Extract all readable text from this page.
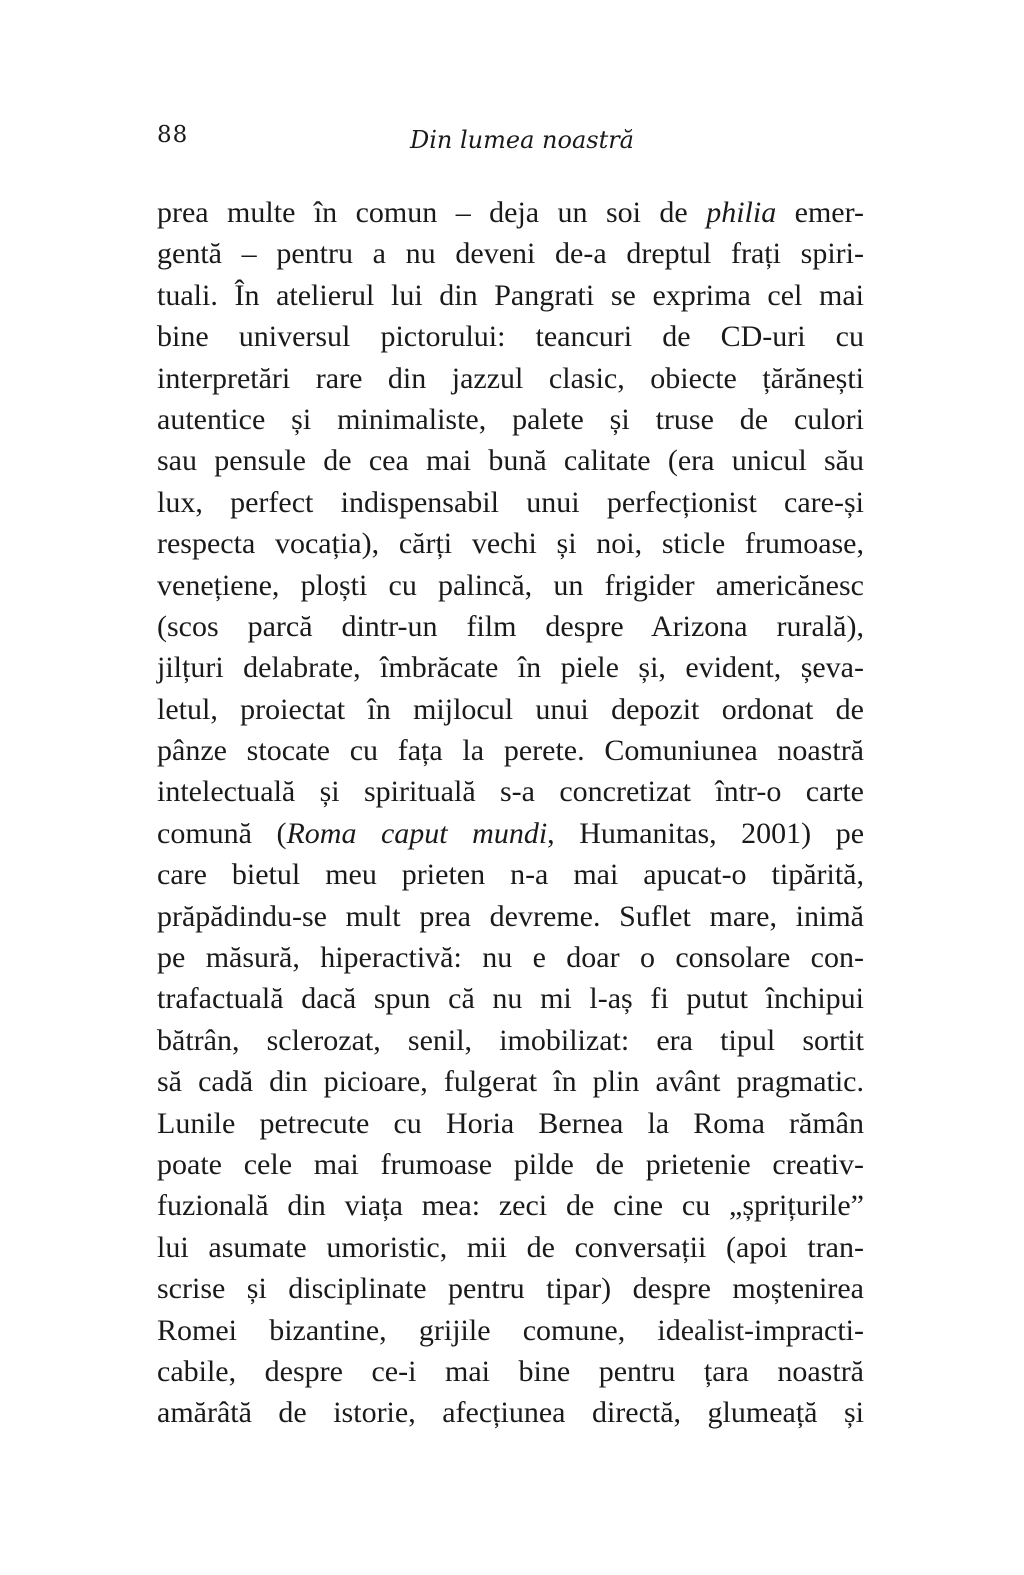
88	Din lumea noastră
prea multe în comun – deja un soi de philia emer-
gentă – pentru a nu deveni de-a dreptul frați spiri-
tuali. În atelierul lui din Pangrati se exprima cel mai
bine universul pictorului: teancuri de CD-uri cu
interpretări rare din jazzul clasic, obiecte țărănești
autentice și minimaliste, palete și truse de culori
sau pensule de cea mai bună calitate (era unicul său
lux, perfect indispensabil unui perfecționist care-și
respecta vocația), cărți vechi și noi, sticle frumoase,
venețiene, ploști cu palincă, un frigider americănesc
(scos parcă dintr-un film despre Arizona rurală),
jilțuri delabrate, îmbrăcate în piele și, evident, șeva-
letul, proiectat în mijlocul unui depozit ordonat de
pânze stocate cu fața la perete. Comuniunea noastră
intelectuală și spirituală s-a concretizat într-o carte
comună (Roma caput mundi, Humanitas, 2001) pe
care bietul meu prieten n-a mai apucat-o tipărită,
prăpădindu-se mult prea devreme. Suflet mare, inimă
pe măsură, hiperactivă: nu e doar o consolare con-
trafactuală dacă spun că nu mi l-aș fi putut închipui
bătrân, sclerozat, senil, imobilizat: era tipul sortit
să cadă din picioare, fulgerat în plin avânt pragmatic.
Lunile petrecute cu Horia Bernea la Roma rămân
poate cele mai frumoase pilde de prietenie creativ-
fuzională din viața mea: zeci de cine cu „șprițurile”
lui asumate umoristic, mii de conversații (apoi tran-
scrise și disciplinate pentru tipar) despre moștenirea
Romei bizantine, grijile comune, idealist-impracti-
cabile, despre ce-i mai bine pentru țara noastră
amărâtă de istorie, afecțiunea directă, glumeață și
